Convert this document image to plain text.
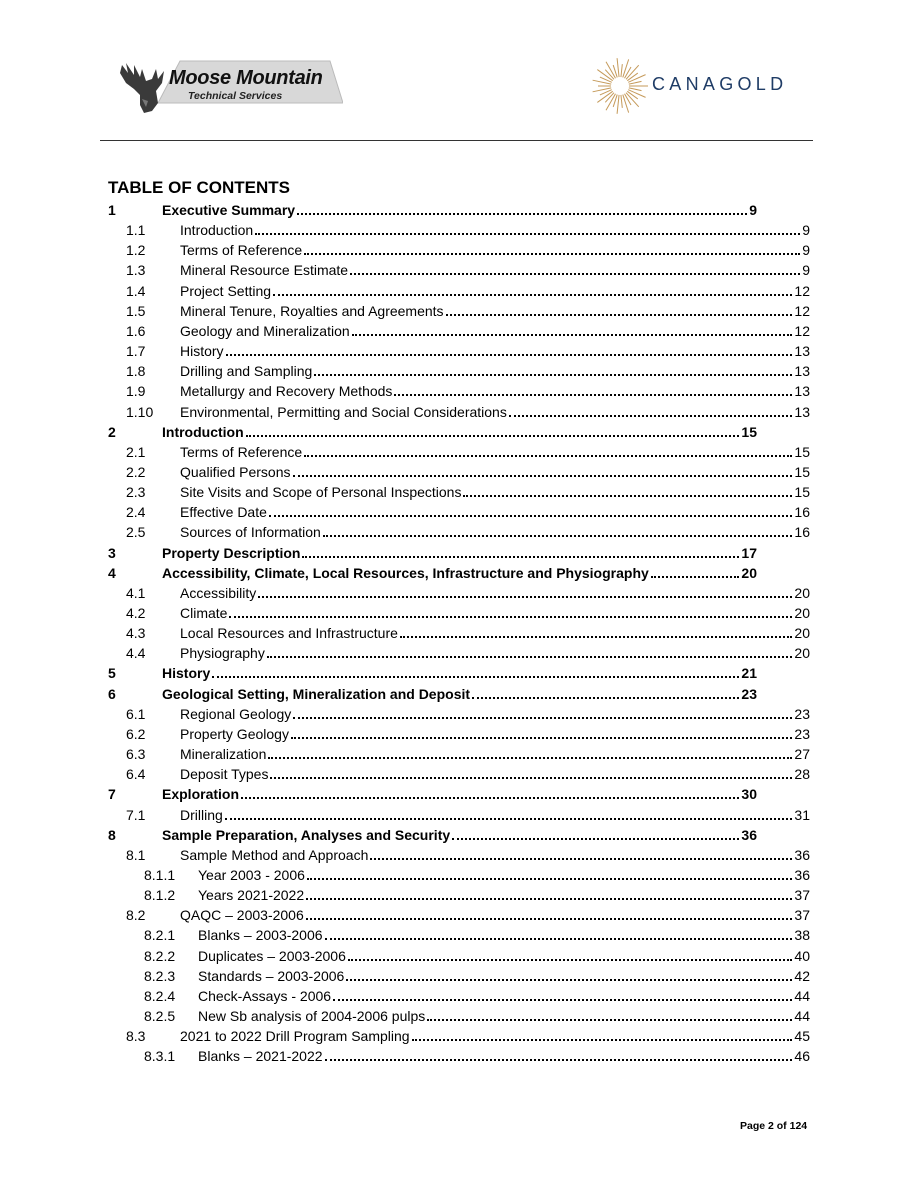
Moose Mountain
Technical Services
CANAGOLD
TABLE OF CONTENTS
1	Executive Summary	9
1.1 Introduction	9
1.2 Terms of Reference	9
1.3 Mineral Resource Estimate	9
1.4 Project Setting	12
1.5 Mineral Tenure, Royalties and Agreements	12
1.6 Geology and Mineralization	12
1.7 History	13
1.8 Drilling and Sampling	13
1.9 Metallurgy and Recovery Methods	13
1.10 Environmental, Permitting and Social Considerations	13
2	Introduction	15
2.1 Terms of Reference	15
2.2 Qualified Persons	15
2.3 Site Visits and Scope of Personal Inspections	15
2.4 Effective Date	16
2.5 Sources of Information	16
3	Property Description	17
4	Accessibility, Climate, Local Resources, Infrastructure and Physiography	20
4.1 Accessibility	20
4.2 Climate	20
4.3 Local Resources and Infrastructure	20
4.4 Physiography	20
5	History	21
6	Geological Setting, Mineralization and Deposit	23
6.1 Regional Geology	23
6.2 Property Geology	23
6.3 Mineralization	27
6.4 Deposit Types	28
7	Exploration	30
7.1 Drilling	31
8	Sample Preparation, Analyses and Security	36
8.1 Sample Method and Approach	36
8.1.1 Year 2003 - 2006	36
8.1.2 Years 2021-2022	37
8.2 QAQC – 2003-2006	37
8.2.1 Blanks – 2003-2006	38
8.2.2 Duplicates – 2003-2006	40
8.2.3 Standards – 2003-2006	42
8.2.4 Check-Assays - 2006	44
8.2.5 New Sb analysis of 2004-2006 pulps	44
8.3 2021 to 2022 Drill Program Sampling	45
8.3.1 Blanks – 2021-2022	46
Page 2 of 124
